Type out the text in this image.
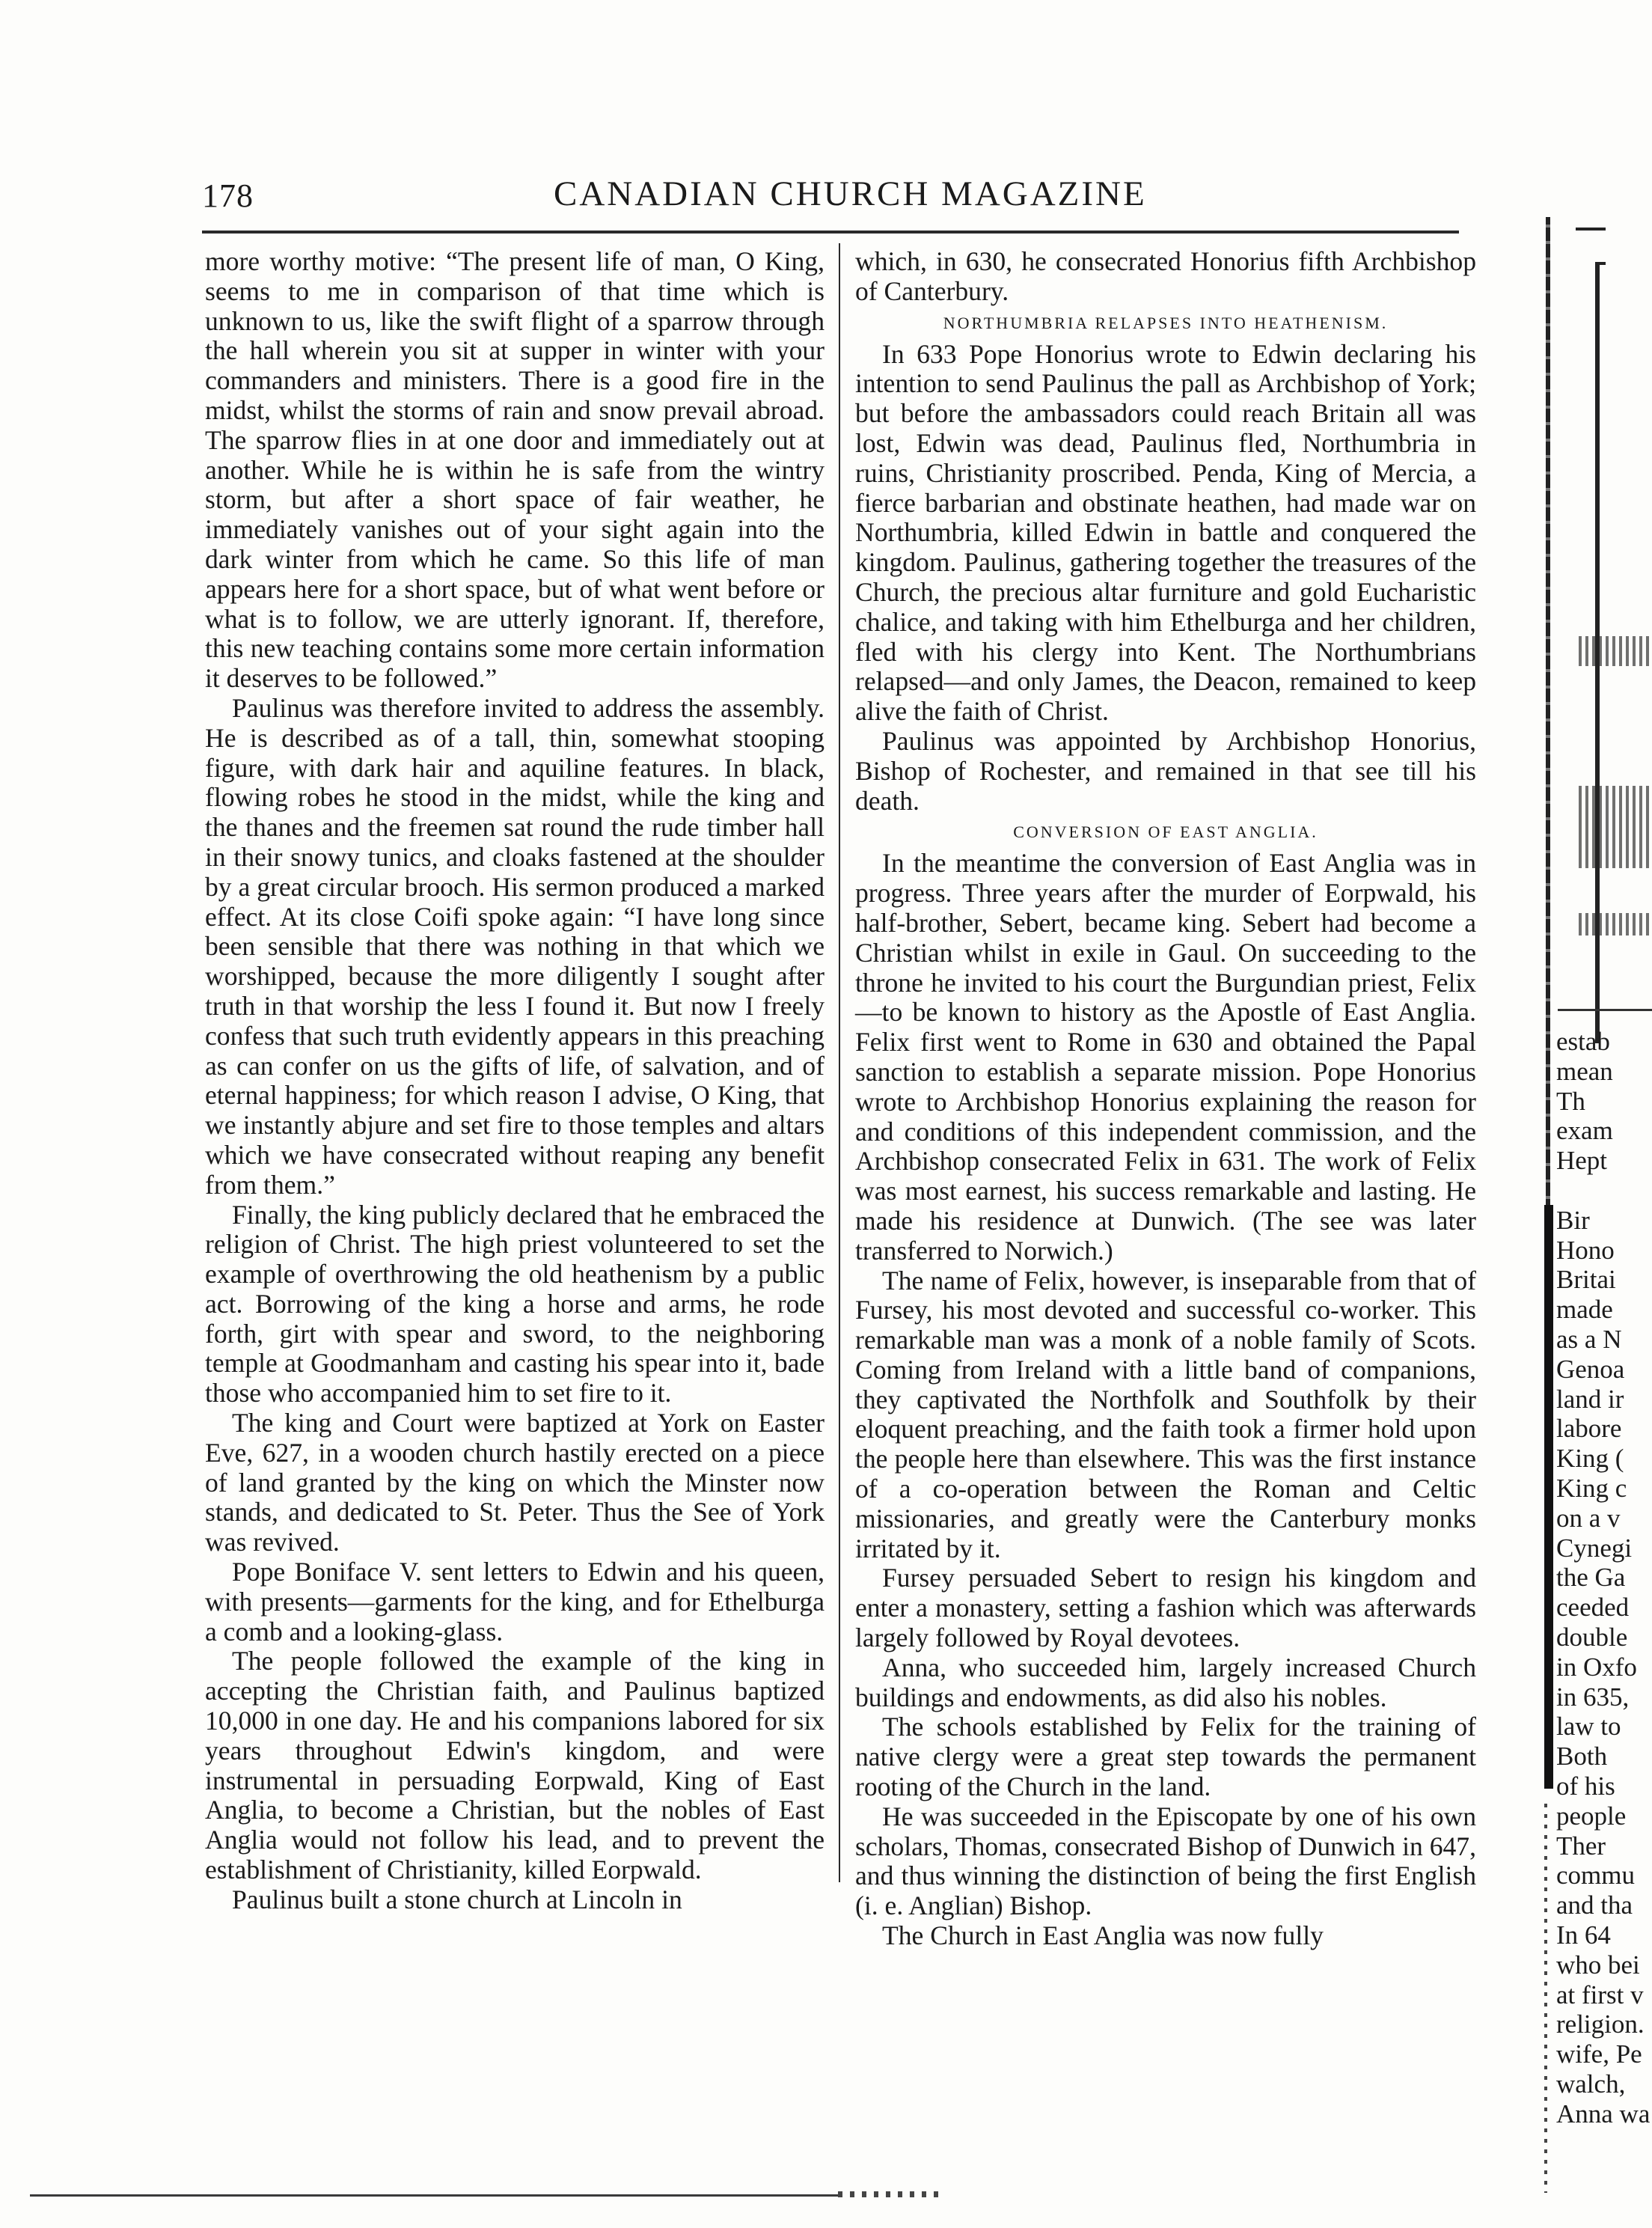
178	CANADIAN CHURCH MAGAZINE

more worthy motive: “The present life of man, O King, seems to me in comparison of that time which is unknown to us, like the swift flight of a sparrow through the hall wherein you sit at supper in winter with your commanders and ministers. There is a good fire in the midst, whilst the storms of rain and snow prevail abroad. The sparrow flies in at one door and immediately out at another. While he is within he is safe from the wintry storm, but after a short space of fair weather, he immediately vanishes out of your sight again into the dark winter from which he came. So this life of man appears here for a short space, but of what went before or what is to follow, we are utterly ignorant. If, therefore, this new teaching contains some more certain information it deserves to be followed.”

Paulinus was therefore invited to address the assembly. He is described as of a tall, thin, somewhat stooping figure, with dark hair and aquiline features. In black, flowing robes he stood in the midst, while the king and the thanes and the freemen sat round the rude timber hall in their snowy tunics, and cloaks fastened at the shoulder by a great circular brooch. His sermon produced a marked effect. At its close Coifi spoke again: “I have long since been sensible that there was nothing in that which we worshipped, because the more diligently I sought after truth in that worship the less I found it. But now I freely confess that such truth evidently appears in this preaching as can confer on us the gifts of life, of salvation, and of eternal happiness; for which reason I advise, O King, that we instantly abjure and set fire to those temples and altars which we have consecrated without reaping any benefit from them.”

Finally, the king publicly declared that he embraced the religion of Christ. The high priest volunteered to set the example of overthrowing the old heathenism by a public act. Borrowing of the king a horse and arms, he rode forth, girt with spear and sword, to the neighboring temple at Goodmanham and casting his spear into it, bade those who accompanied him to set fire to it.

The king and Court were baptized at York on Easter Eve, 627, in a wooden church hastily erected on a piece of land granted by the king on which the Minster now stands, and dedicated to St. Peter. Thus the See of York was revived.

Pope Boniface V. sent letters to Edwin and his queen, with presents—garments for the king, and for Ethelburga a comb and a looking-glass.

The people followed the example of the king in accepting the Christian faith, and Paulinus baptized 10,000 in one day. He and his companions labored for six years throughout Edwin's kingdom, and were instrumental in persuading Eorpwald, King of East Anglia, to become a Christian, but the nobles of East Anglia would not follow his lead, and to prevent the establishment of Christianity, killed Eorpwald.

Paulinus built a stone church at Lincoln in

which, in 630, he consecrated Honorius fifth Archbishop of Canterbury.

NORTHUMBRIA RELAPSES INTO HEATHENISM.

In 633 Pope Honorius wrote to Edwin declaring his intention to send Paulinus the pall as Archbishop of York; but before the ambassadors could reach Britain all was lost, Edwin was dead, Paulinus fled, Northumbria in ruins, Christianity proscribed. Penda, King of Mercia, a fierce barbarian and obstinate heathen, had made war on Northumbria, killed Edwin in battle and conquered the kingdom. Paulinus, gathering together the treasures of the Church, the precious altar furniture and gold Eucharistic chalice, and taking with him Ethelburga and her children, fled with his clergy into Kent. The Northumbrians relapsed—and only James, the Deacon, remained to keep alive the faith of Christ.

Paulinus was appointed by Archbishop Honorius, Bishop of Rochester, and remained in that see till his death.

CONVERSION OF EAST ANGLIA.

In the meantime the conversion of East Anglia was in progress. Three years after the murder of Eorpwald, his half-brother, Sebert, became king. Sebert had become a Christian whilst in exile in Gaul. On succeeding to the throne he invited to his court the Burgundian priest, Felix—to be known to history as the Apostle of East Anglia. Felix first went to Rome in 630 and obtained the Papal sanction to establish a separate mission. Pope Honorius wrote to Archbishop Honorius explaining the reason for and conditions of this independent commission, and the Archbishop consecrated Felix in 631. The work of Felix was most earnest, his success remarkable and lasting. He made his residence at Dunwich. (The see was later transferred to Norwich.)

The name of Felix, however, is inseparable from that of Fursey, his most devoted and successful co-worker. This remarkable man was a monk of a noble family of Scots. Coming from Ireland with a little band of companions, they captivated the Northfolk and Southfolk by their eloquent preaching, and the faith took a firmer hold upon the people here than elsewhere. This was the first instance of a co-operation between the Roman and Celtic missionaries, and greatly were the Canterbury monks irritated by it.

Fursey persuaded Sebert to resign his kingdom and enter a monastery, setting a fashion which was afterwards largely followed by Royal devotees.

Anna, who succeeded him, largely increased Church buildings and endowments, as did also his nobles.

The schools established by Felix for the training of native clergy were a great step towards the permanent rooting of the Church in the land.

He was succeeded in the Episcopate by one of his own scholars, Thomas, consecrated Bishop of Dunwich in 647, and thus winning the distinction of being the first English (i. e. Anglian) Bishop.

The Church in East Anglia was now fully

estab
mean
Th
exam
Hept
Bir
Hono
Britai
made
as a N
Genoa
land ir
labore
King (
King c
on a v
Cynegi
the Ga
ceeded
double
in Oxfo
in 635,
law to
Both
of his
people
Ther
commu
and tha
In 64
who bei
at first v
religion.
wife, Pe
walch,
Anna wa
